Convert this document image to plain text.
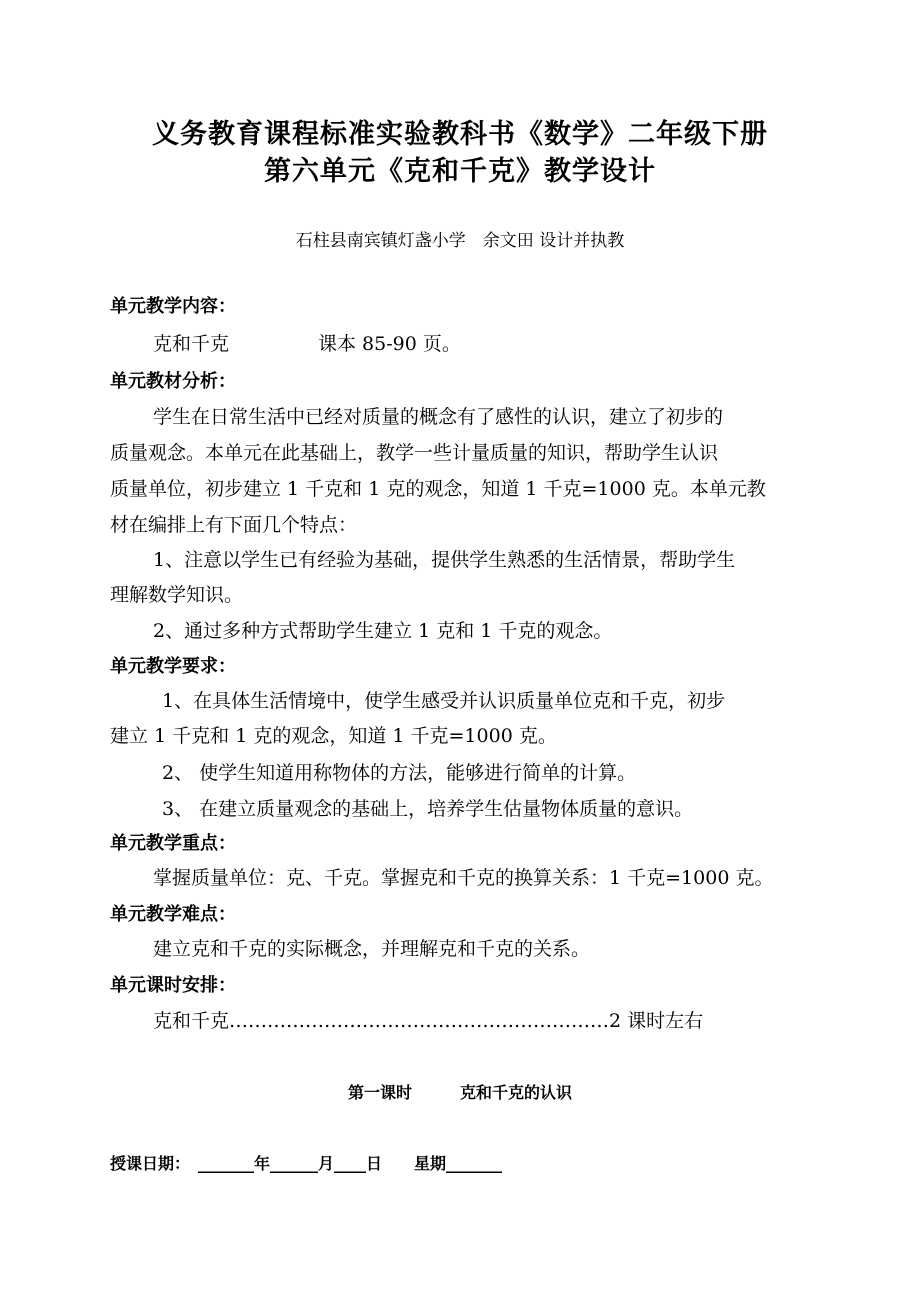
义务教育课程标准实验教科书《数学》二年级下册
第六单元《克和千克》教学设计
石柱县南宾镇灯盏小学　余文田 设计并执教
单元教学内容：
克和千克	课本 85-90 页。
单元教材分析：
学生在日常生活中已经对质量的概念有了感性的认识，建立了初步的
质量观念。本单元在此基础上，教学一些计量质量的知识，帮助学生认识
质量单位，初步建立 1 千克和 1 克的观念，知道 1 千克=1000 克。本单元教
材在编排上有下面几个特点：
1、注意以学生已有经验为基础，提供学生熟悉的生活情景，帮助学生
理解数学知识。
2、通过多种方式帮助学生建立 1 克和 1 千克的观念。
单元教学要求：
1、在具体生活情境中，使学生感受并认识质量单位克和千克，初步
建立 1 千克和 1 克的观念，知道 1 千克=1000 克。
2、 使学生知道用称物体的方法，能够进行简单的计算。
3、 在建立质量观念的基础上，培养学生估量物体质量的意识。
单元教学重点：
掌握质量单位：克、千克。掌握克和千克的换算关系：1 千克=1000 克。
单元教学难点：
建立克和千克的实际概念，并理解克和千克的关系。
单元课时安排：
克和千克……………………………………………………2 课时左右
第一课时　　　克和千克的认识
授课日期：　_______年______月____日　　星期_______
